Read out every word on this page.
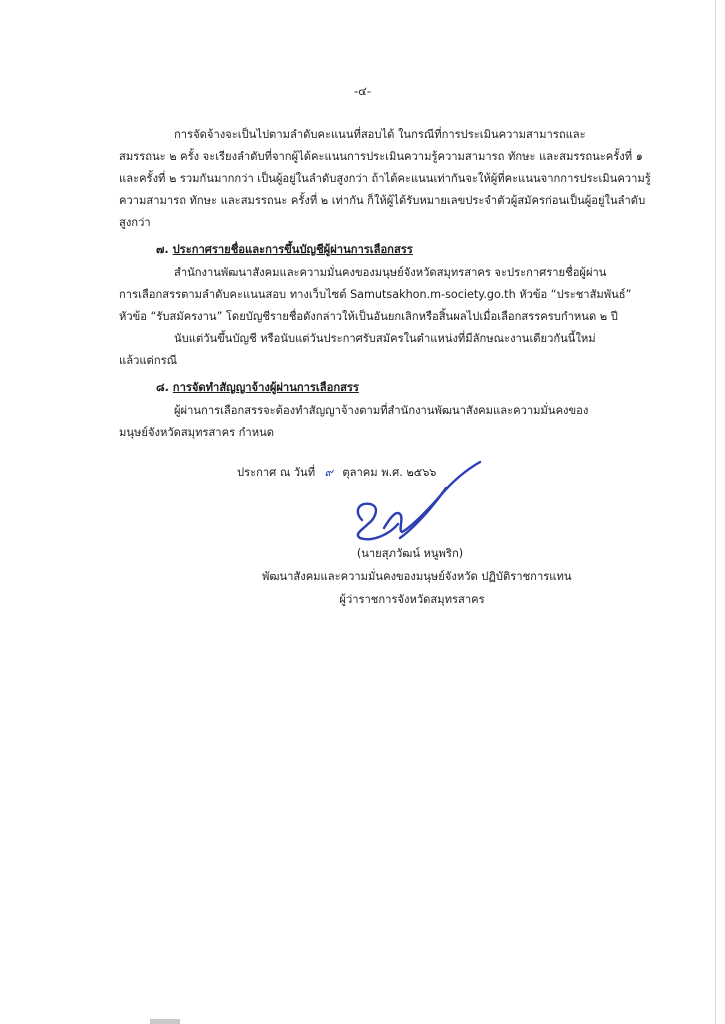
-๔-
การจัดจ้างจะเป็นไปตามลำดับคะแนนที่สอบได้ ในกรณีที่การประเมินความสามารถและ
สมรรถนะ ๒ ครั้ง จะเรียงลำดับที่จากผู้ได้คะแนนการประเมินความรู้ความสามารถ ทักษะ และสมรรถนะครั้งที่ ๑
และครั้งที่ ๒ รวมกันมากกว่า เป็นผู้อยู่ในลำดับสูงกว่า ถ้าได้คะแนนเท่ากันจะให้ผู้ที่คะแนนจากการประเมินความรู้
ความสามารถ ทักษะ และสมรรถนะ ครั้งที่ ๒ เท่ากัน ก็ให้ผู้ได้รับหมายเลขประจำตัวผู้สมัครก่อนเป็นผู้อยู่ในลำดับ
สูงกว่า
๗. ประกาศรายชื่อและการขึ้นบัญชีผู้ผ่านการเลือกสรร
สำนักงานพัฒนาสังคมและความมั่นคงของมนุษย์จังหวัดสมุทรสาคร จะประกาศรายชื่อผู้ผ่าน
การเลือกสรรตามลำดับคะแนนสอบ ทางเว็บไซต์ Samutsakhon.m-society.go.th หัวข้อ “ประชาสัมพันธ์”
หัวข้อ “รับสมัครงาน” โดยบัญชีรายชื่อดังกล่าวให้เป็นอันยกเลิกหรือสิ้นผลไปเมื่อเลือกสรรครบกำหนด ๒ ปี
นับแต่วันขึ้นบัญชี หรือนับแต่วันประกาศรับสมัครในตำแหน่งที่มีลักษณะงานเดียวกันนี้ใหม่
แล้วแต่กรณี
๘. การจัดทำสัญญาจ้างผู้ผ่านการเลือกสรร
ผู้ผ่านการเลือกสรรจะต้องทำสัญญาจ้างตามที่สำนักงานพัฒนาสังคมและความมั่นคงของ
มนุษย์จังหวัดสมุทรสาคร กำหนด
ประกาศ ณ วันที่ ๙ ตุลาคม พ.ศ. ๒๕๖๖
(นายสุภวัฒน์ หนูพริก)
พัฒนาสังคมและความมั่นคงของมนุษย์จังหวัด ปฏิบัติราชการแทน
ผู้ว่าราชการจังหวัดสมุทรสาคร
